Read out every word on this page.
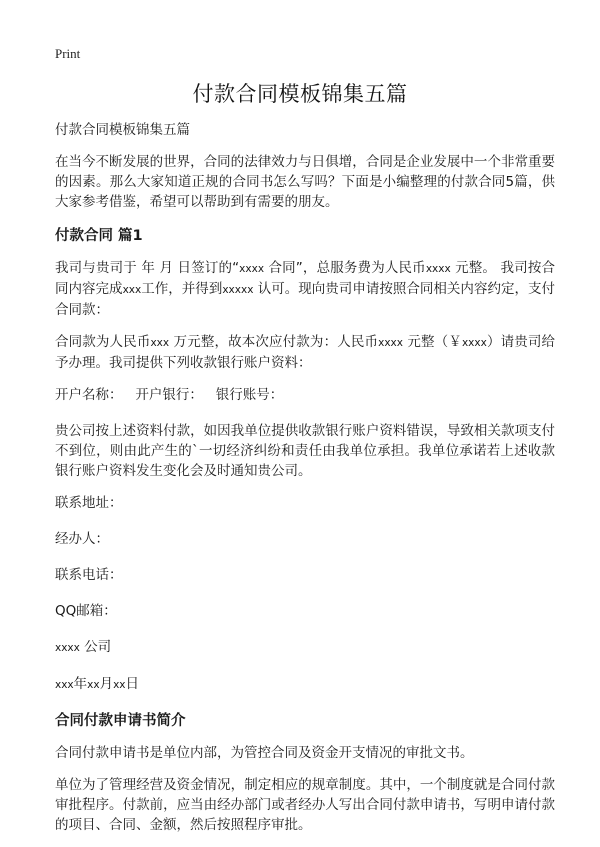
Print
付款合同模板锦集五篇

付款合同模板锦集五篇

在当今不断发展的世界，合同的法律效力与日俱增，合同是企业发展中一个非常重要的因素。那么大家知道正规的合同书怎么写吗？下面是小编整理的付款合同5篇，供大家参考借鉴，希望可以帮助到有需要的朋友。

付款合同 篇1

我司与贵司于 年 月 日签订的“xxxx 合同”，总服务费为人民币xxxx 元整。 我司按合同内容完成xxx工作，并得到xxxxx 认可。现向贵司申请按照合同相关内容约定，支付合同款：

合同款为人民币xxx 万元整，故本次应付款为：人民币xxxx 元整（￥xxxx）请贵司给予办理。我司提供下列收款银行账户资料：

开户名称：   开户银行：   银行账号：

贵公司按上述资料付款，如因我单位提供收款银行账户资料错误，导致相关款项支付不到位，则由此产生的`一切经济纠纷和责任由我单位承担。我单位承诺若上述收款银行账户资料发生变化会及时通知贵公司。

联系地址：

经办人：

联系电话：

QQ邮箱：

xxxx 公司

xxx年xx月xx日

合同付款申请书简介

合同付款申请书是单位内部，为管控合同及资金开支情况的审批文书。

单位为了管理经营及资金情况，制定相应的规章制度。其中，一个制度就是合同付款审批程序。付款前，应当由经办部门或者经办人写出合同付款申请书，写明申请付款的项目、合同、金额，然后按照程序审批。
